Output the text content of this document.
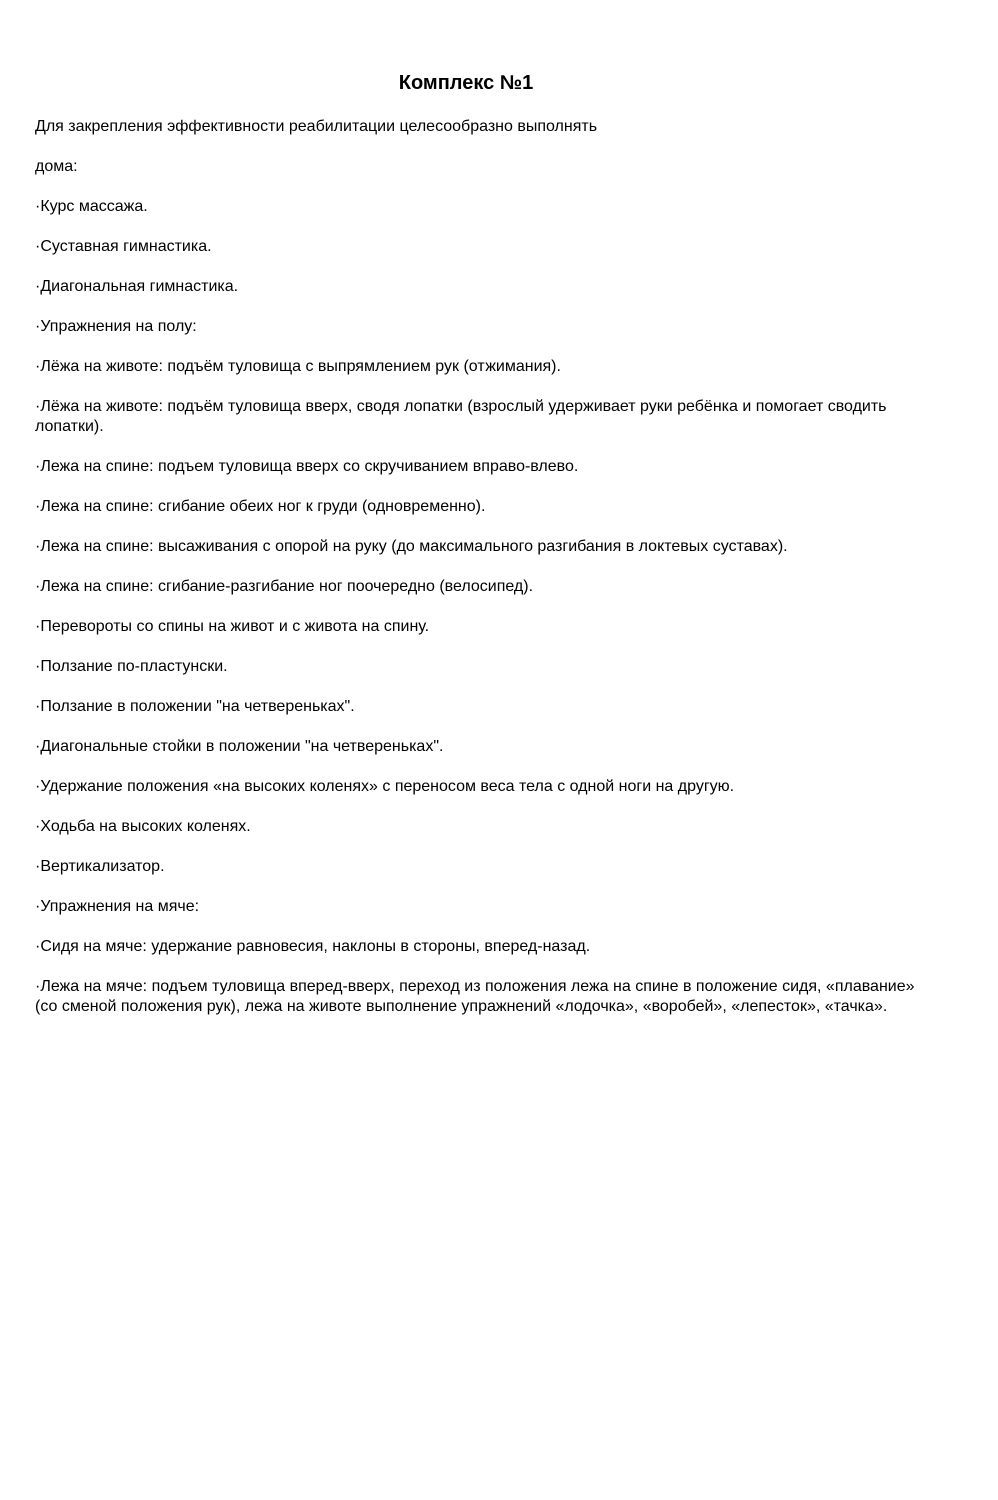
Комплекс №1

Для закрепления эффективности реабилитации целесообразно выполнять

дома:

·Курс массажа.

·Суставная гимнастика.

·Диагональная гимнастика.

·Упражнения на полу:

·Лёжа на животе: подъём туловища с выпрямлением рук (отжимания).

·Лёжа на животе: подъём туловища вверх, сводя лопатки (взрослый удерживает руки ребёнка и помогает сводить лопатки).

·Лежа на спине: подъем туловища вверх со скручиванием вправо-влево.

·Лежа на спине: сгибание обеих ног к груди (одновременно).

·Лежа на спине: высаживания с опорой на руку (до максимального разгибания в локтевых суставах).

·Лежа на спине: сгибание-разгибание ног поочередно (велосипед).

·Перевороты со спины на живот и с живота на спину.

·Ползание по-пластунски.

·Ползание в положении "на четвереньках".

·Диагональные стойки в положении "на четвереньках".

·Удержание положения «на высоких коленях» с переносом веса тела с одной ноги на другую.

·Ходьба на высоких коленях.

·Вертикализатор.

·Упражнения на мяче:

·Сидя на мяче: удержание равновесия, наклоны в стороны, вперед-назад.

·Лежа на мяче: подъем туловища вперед-вверх, переход из положения лежа на спине в положение сидя, «плавание» (со сменой положения рук), лежа на животе выполнение упражнений «лодочка», «воробей», «лепесток», «тачка».
